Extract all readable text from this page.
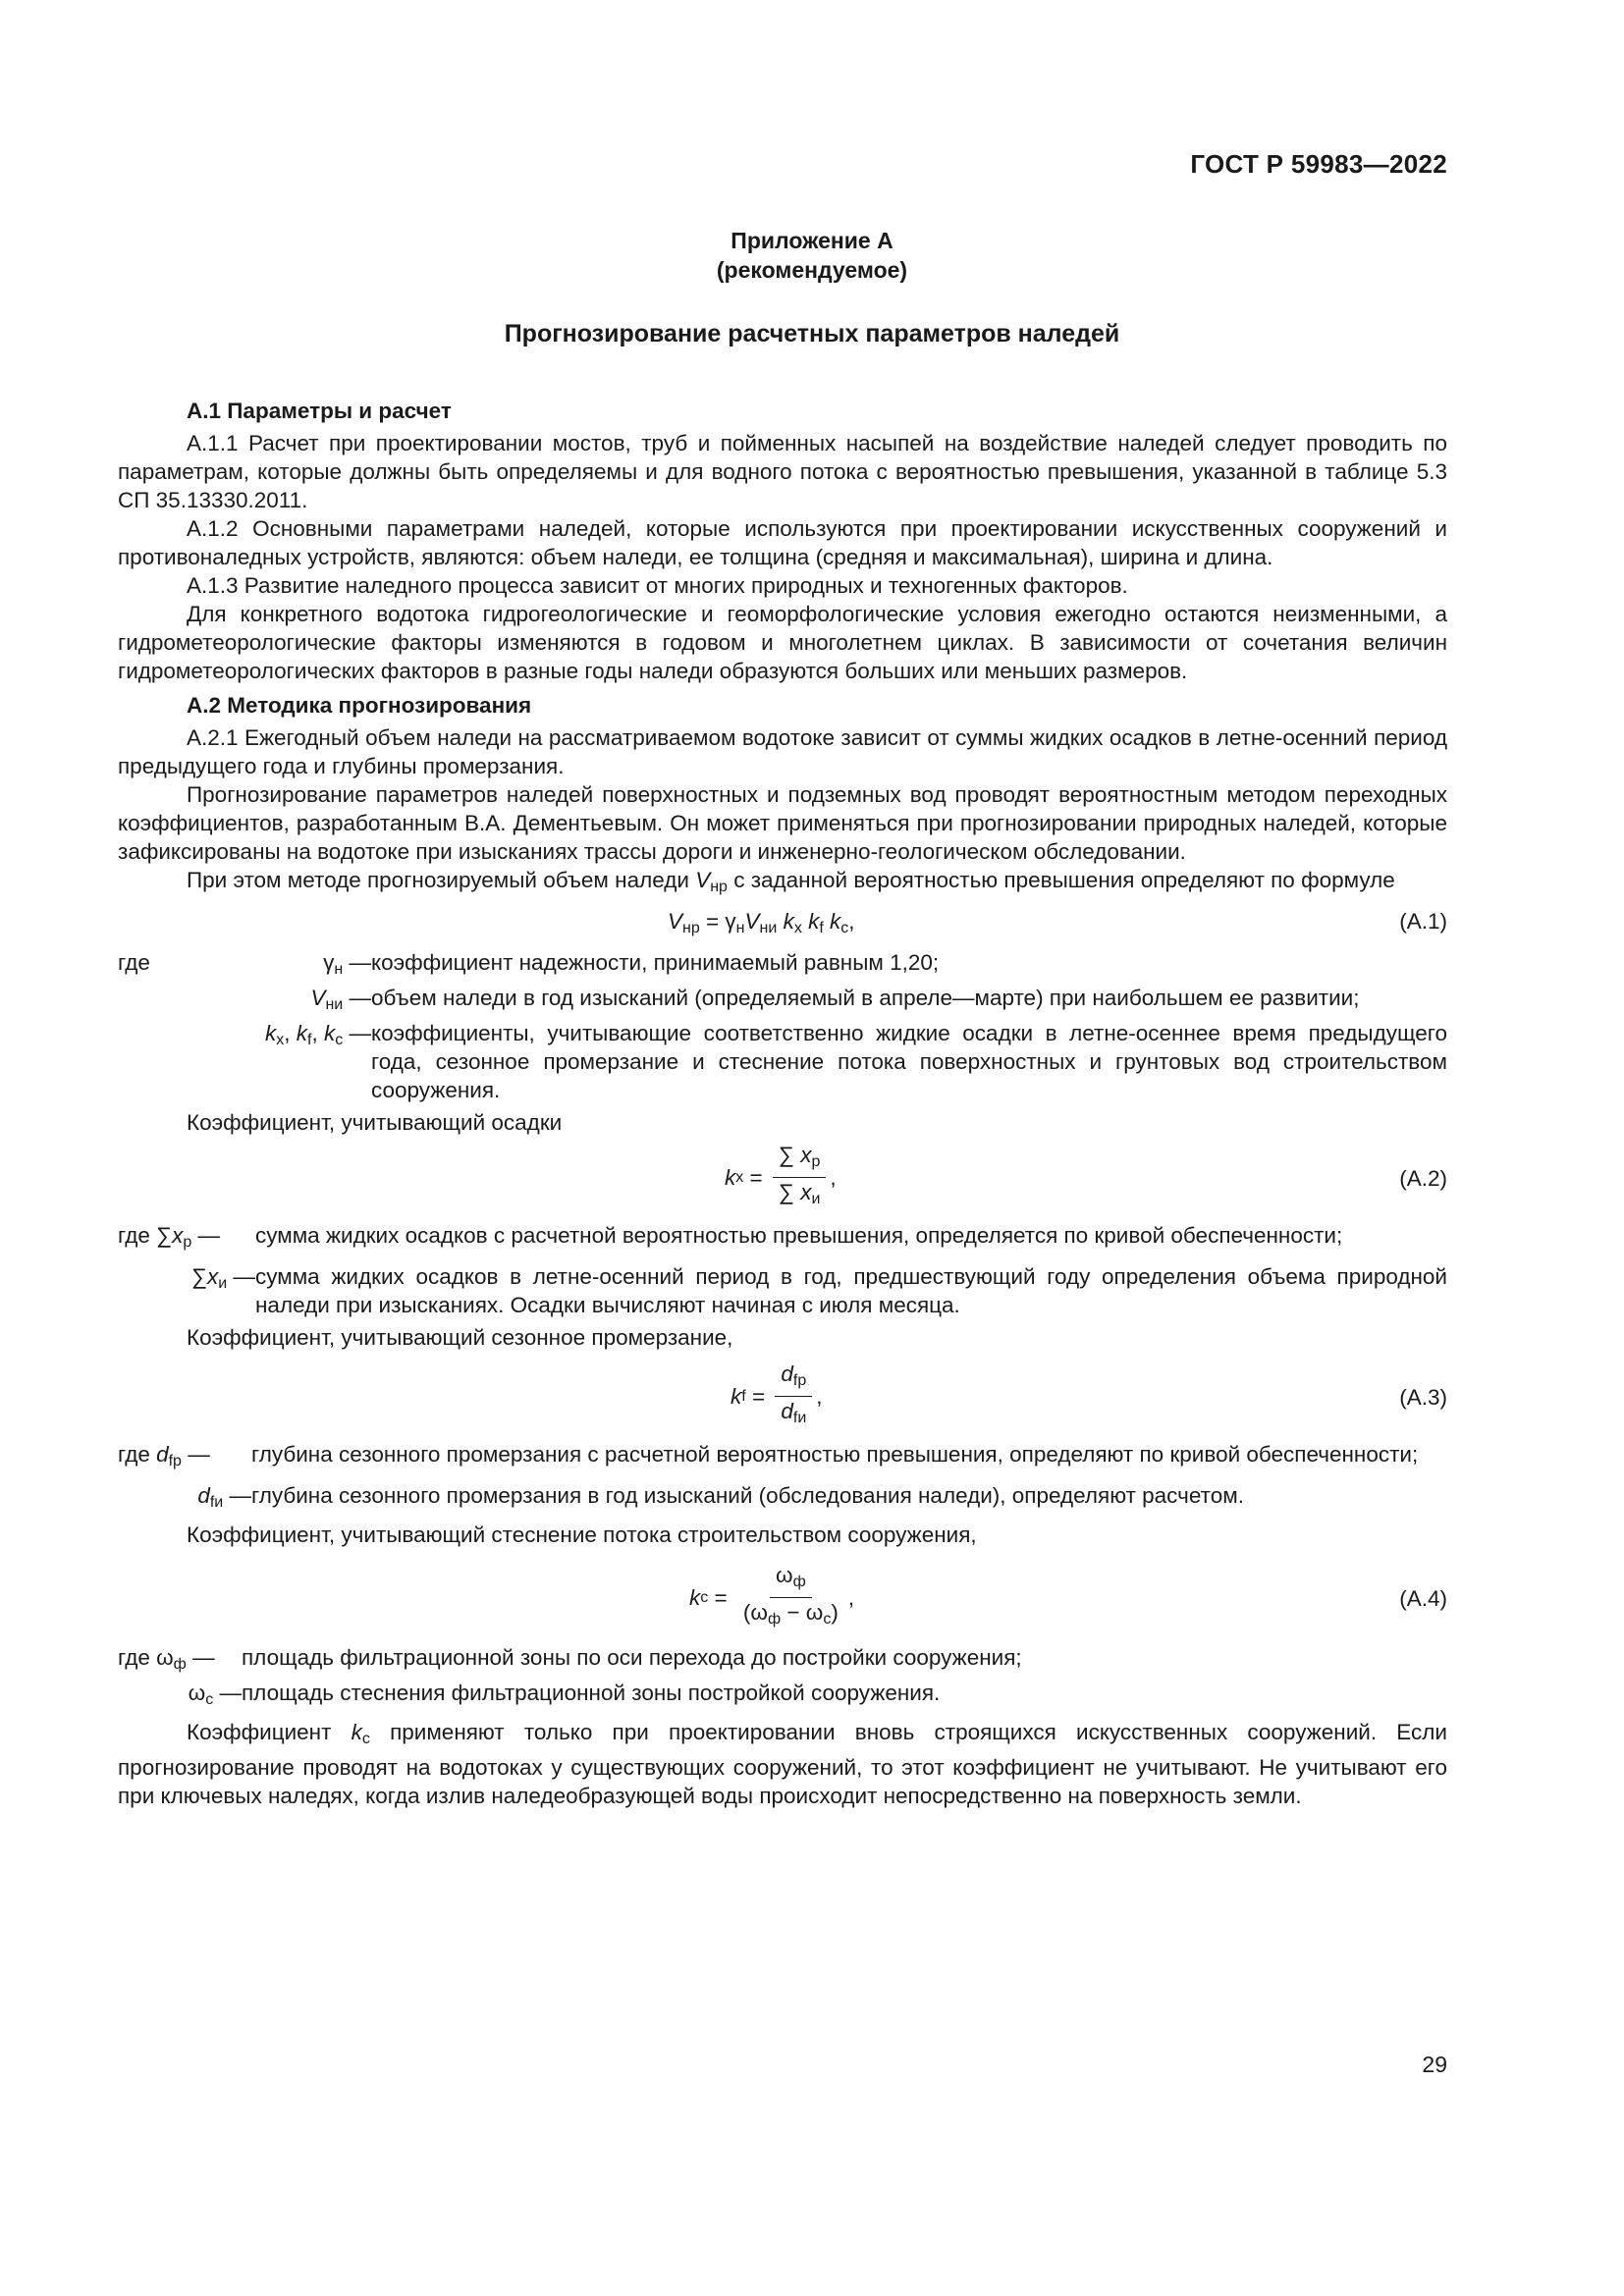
ГОСТ Р 59983—2022
Приложение А
(рекомендуемое)
Прогнозирование расчетных параметров наледей
А.1 Параметры и расчет

А.1.1 Расчет при проектировании мостов, труб и пойменных насыпей на воздействие наледей следует проводить по параметрам, которые должны быть определяемы и для водного потока с вероятностью превышения, указанной в таблице 5.3 СП 35.13330.2011.

А.1.2 Основными параметрами наледей, которые используются при проектировании искусственных сооружений и противоналедных устройств, являются: объем наледи, ее толщина (средняя и максимальная), ширина и длина.

А.1.3 Развитие наледного процесса зависит от многих природных и техногенных факторов.

Для конкретного водотока гидрогеологические и геоморфологические условия ежегодно остаются неизменными, а гидрометеорологические факторы изменяются в годовом и многолетнем циклах. В зависимости от сочетания величин гидрометеорологических факторов в разные годы наледи образуются больших или меньших размеров.

А.2 Методика прогнозирования

А.2.1 Ежегодный объем наледи на рассматриваемом водотоке зависит от суммы жидких осадков в летне-осенний период предыдущего года и глубины промерзания.

Прогнозирование параметров наледей поверхностных и подземных вод проводят вероятностным методом переходных коэффициентов, разработанным В.А. Дементьевым. Он может применяться при прогнозировании природных наледей, которые зафиксированы на водотоке при изысканиях трассы дороги и инженерно-геологическом обследовании.

При этом методе прогнозируемый объем наледи $V_{нр}$ с заданной вероятностью превышения определяют по формуле

$V_{нр} = \gamma_нV_{ни}$ $k_x$ $k_f$ $k_c$,	(А.1)
где	$\gamma_н$ — коэффициент надежности, принимаемый равным 1,20;
$V_{ни}$ — объем наледи в год изысканий (определяемый в апреле—марте) при наибольшем ее развитии;
$k_x$, $k_f$, $k_c$ — коэффициенты, учитывающие соответственно жидкие осадки в летне-осеннее время предыдущего года, сезонное промерзание и стеснение потока поверхностных и грунтовых вод строительством сооружения.

Коэффициент, учитывающий осадки

k x =
∑ $x_p$
∑ $x_и$
,	(А.2)
где $\sum x_p$ —	сумма жидких осадков с расчетной вероятностью превышения, определяется по кривой обеспеченности;
$\sum x_и$ — сумма жидких осадков в летне-осенний период в год, предшествующий году определения объема природной наледи при изысканиях. Осадки вычисляют начиная с июля месяца.

Коэффициент, учитывающий сезонное промерзание,

k f =
$d_{fp}$
$d_{fи}$
,	(А.3)
где $d_{fp}$ —	глубина сезонного промерзания с расчетной вероятностью превышения, определяют по кривой обеспеченности;
$d_{fи}$ — глубина сезонного промерзания в год изысканий (обследования наледи), определяют расчетом.

Коэффициент, учитывающий стеснение потока строительством сооружения,

k c =
$\omega_ф$
$(\omega_ф - \omega_c)$
,	(А.4)
где $\omega_ф$ —	площадь фильтрационной зоны по оси перехода до постройки сооружения;
$\omega_c$ — площадь стеснения фильтрационной зоны постройкой сооружения.

Коэффициент $k_c$ применяют только при проектировании вновь строящихся искусственных сооружений. Если прогнозирование проводят на водотоках у существующих сооружений, то этот коэффициент не учитывают. Не учитывают его при ключевых наледях, когда излив наледеобразующей воды происходит непосредственно на поверхность земли.

29
